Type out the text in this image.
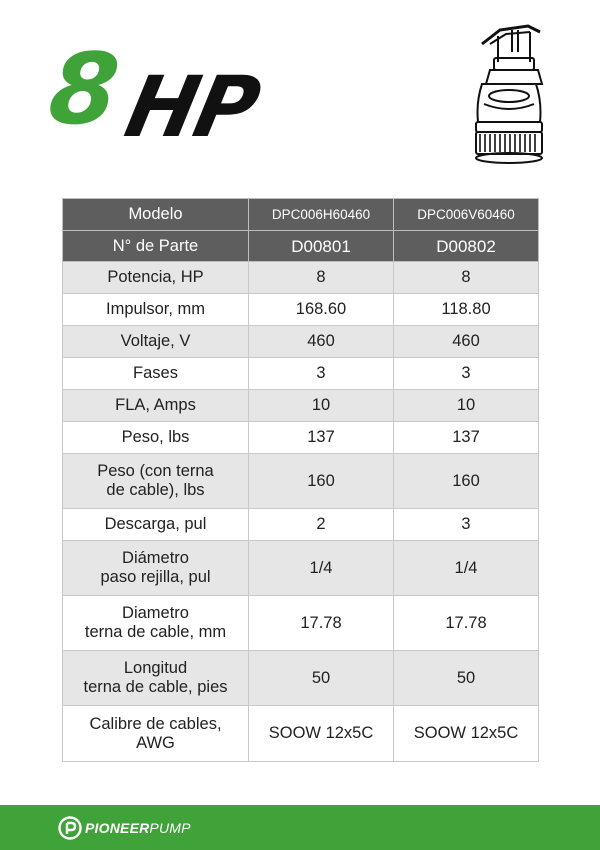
8
HP
Modelo	DPC006H60460	DPC006V60460
N° de Parte	D00801	D00802
Potencia, HP	8	8
Impulsor, mm	168.60	118.80
Voltaje, V	460	460
Fases	3	3
FLA, Amps	10	10
Peso, lbs	137	137
Peso (con terna
de cable), lbs	160	160
Descarga, pul	2	3
Diámetro
paso rejilla, pul	1/4	1/4
Diametro
terna de cable, mm	17.78	17.78
Longitud
terna de cable, pies	50	50
Calibre de cables,
AWG	SOOW 12x5C	SOOW 12x5C
PIONEERPUMP
